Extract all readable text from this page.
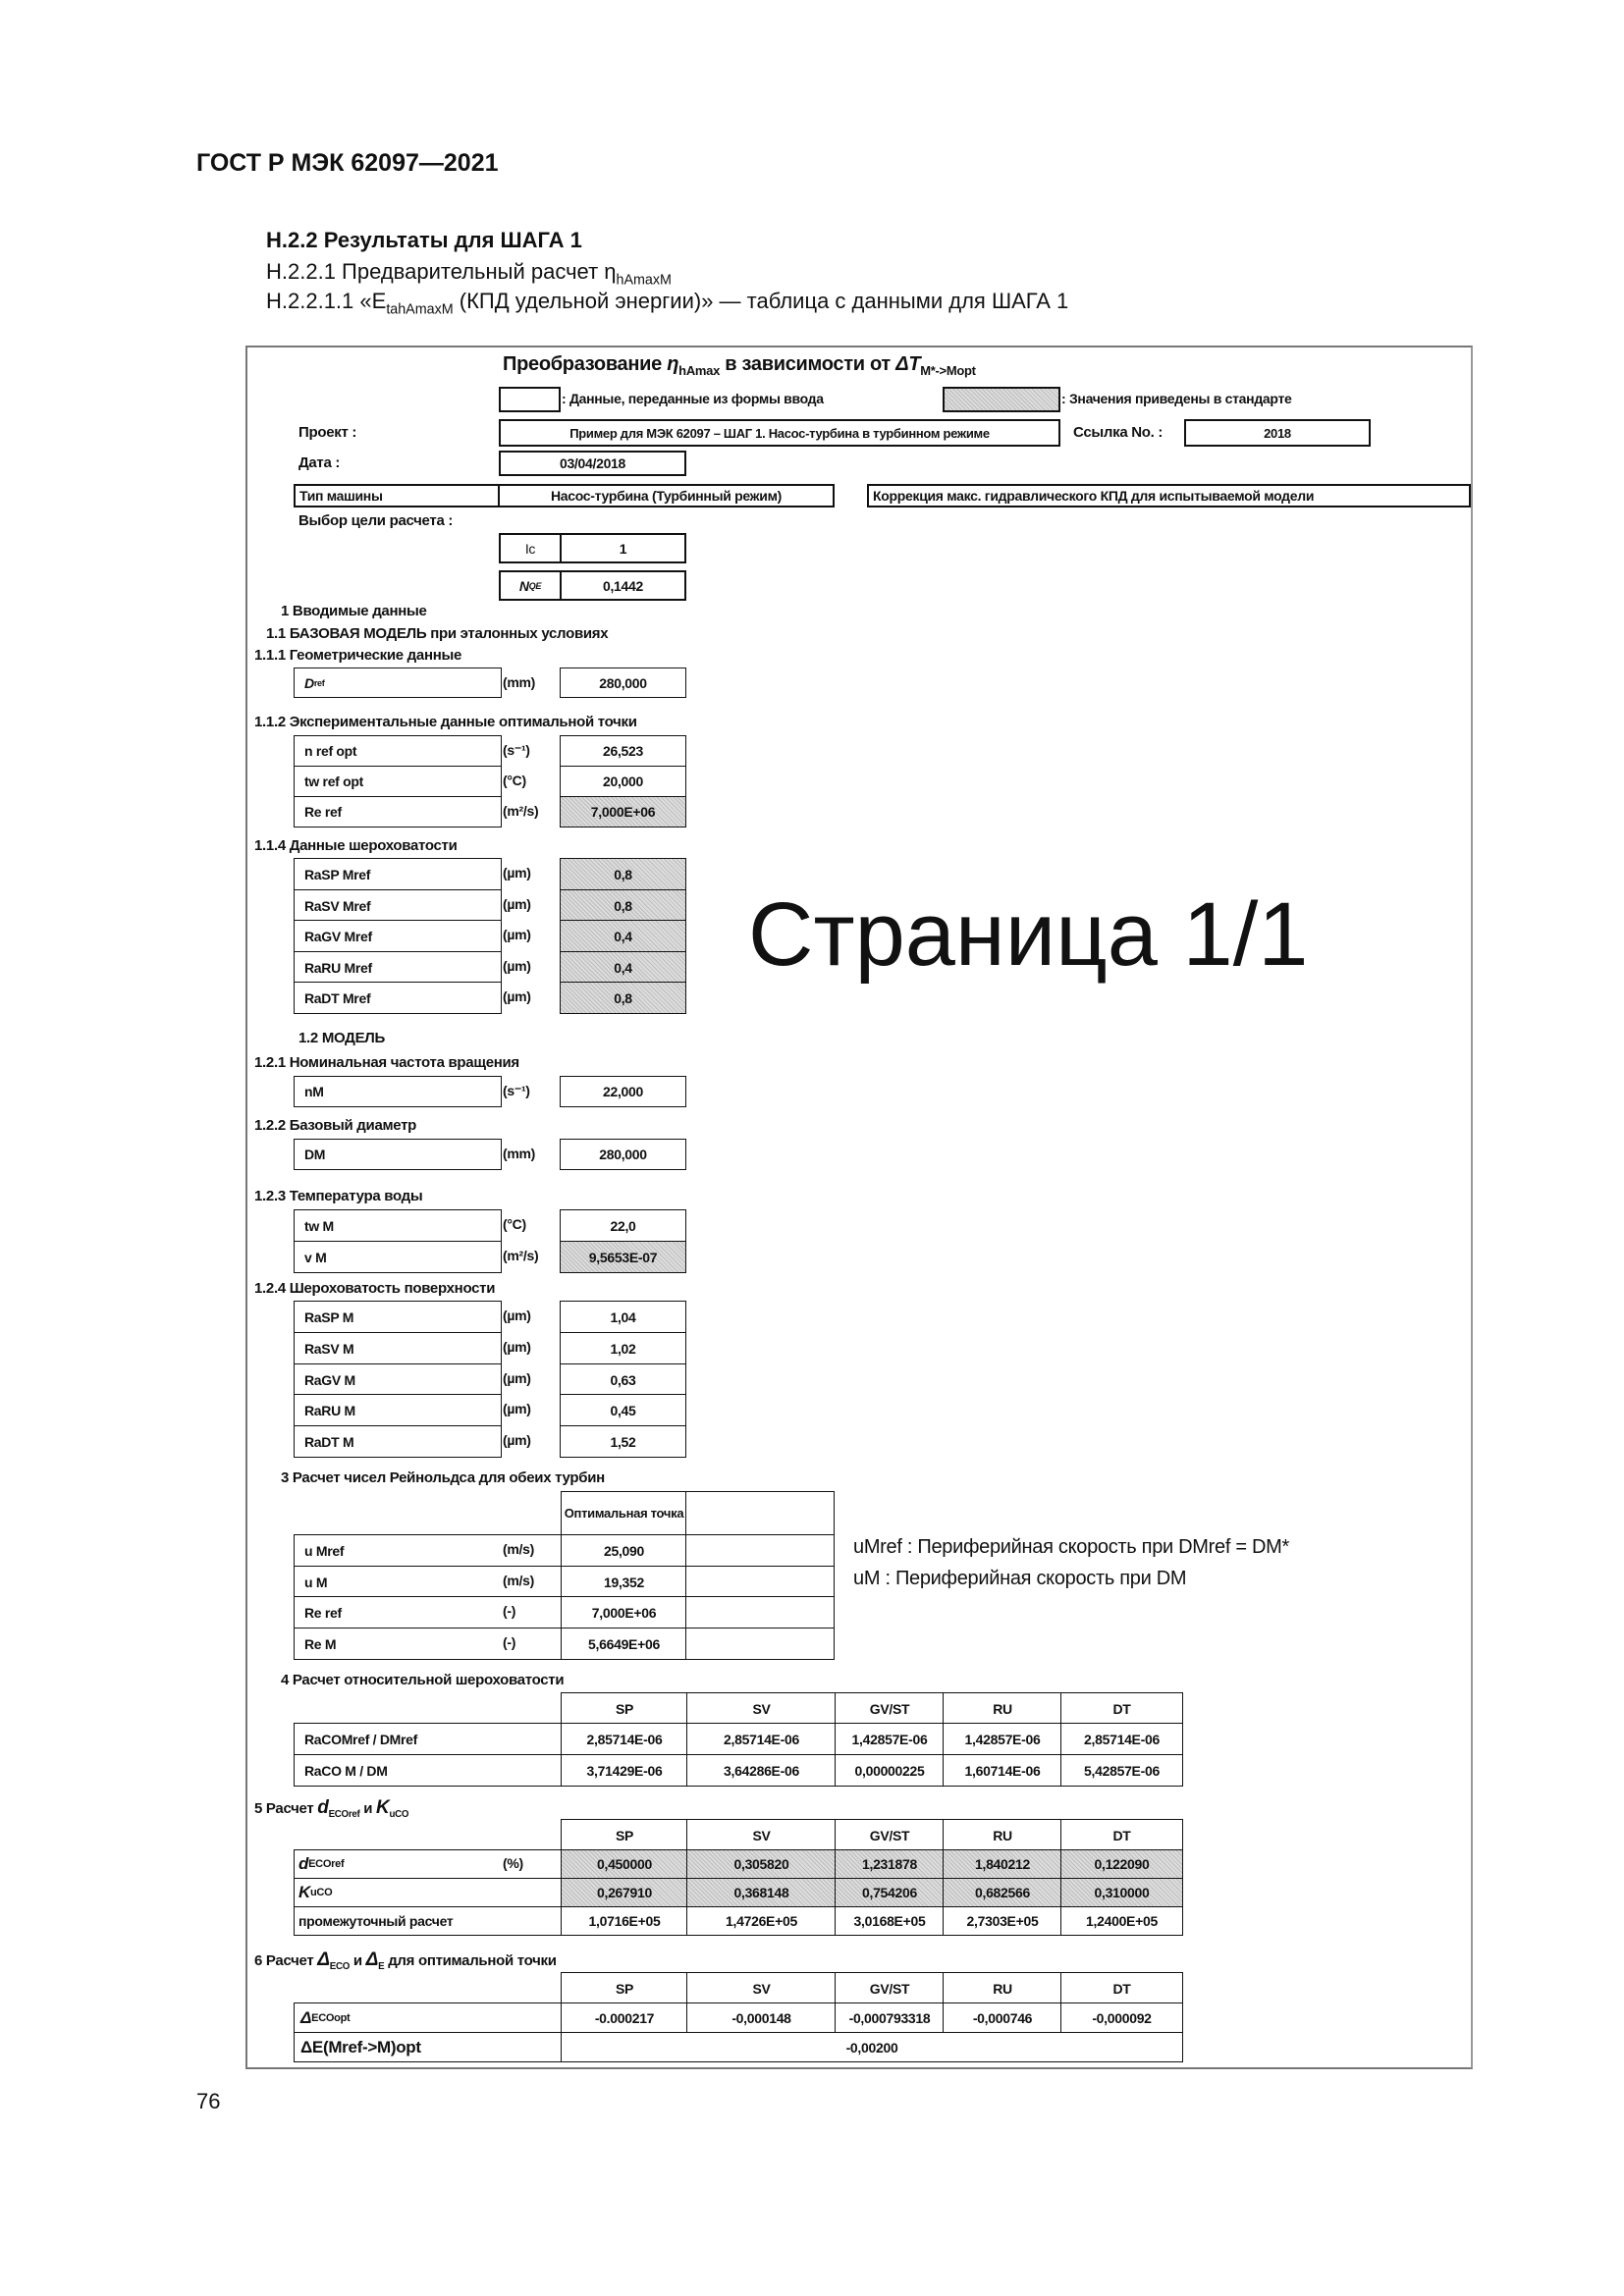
ГОСТ Р МЭК 62097—2021
H.2.2 Результаты для ШАГА 1
H.2.2.1 Предварительный расчет $\eta_{hAmaxM}$
H.2.2.1.1 «$E_{tahAmaxM}$ (КПД удельной энергии)» — таблица с данными для ШАГА 1
Преобразование $\eta_{hAmax}$ в зависимости от $\Delta T_{M*->Mopt}$
: Данные, переданные из формы ввода	: Значения приведены в стандарте
Проект :	Пример для МЭК 62097 – ШАГ 1. Насос-турбина в турбинном режиме	Ссылка No. :	2018
Дата :	03/04/2018
Тип машины	Насос-турбина (Турбинный режим)	Коррекция макс. гидравлического КПД для испытываемой модели
Выбор цели расчета :
Ic	1
N QE	0,1442
Страница 1/1
5 Расчет $d_{ECOref}$ и $K_{uCO}$
6 Расчет $\Delta_{ECO}$ и $\Delta_E$ для оптимальной точки
uMref : Периферийная скорость при DMref = DM*
uM : Периферийная скорость при DM
1 Вводимые данные
1.1 БАЗОВАЯ МОДЕЛЬ при эталонных условиях
1.1.1 Геометрические данные
1.1.2 Экспериментальные данные оптимальной точки
1.1.4 Данные шероховатости
1.2 МОДЕЛЬ
1.2.1 Номинальная частота вращения
1.2.2 Базовый диаметр
1.2.3 Температура воды
1.2.4 Шероховатость поверхности
3 Расчет чисел Рейнольдса для обеих турбин
4 Расчет относительной шероховатости
D ref	(mm)	280,000
n ref opt	(s⁻¹)	26,523
tw ref opt	(°C)	20,000
Re ref	(m²/s)	7,000E+06
RaSP Mref	(µm)	0,8
RaSV Mref	(µm)	0,8
RaGV Mref	(µm)	0,4
RaRU Mref	(µm)	0,4
RaDT Mref	(µm)	0,8
nM	(s⁻¹)	22,000
DM	(mm)	280,000
tw M	(°C)	22,0
v M	(m²/s)	9,5653E-07
RaSP M	(µm)	1,04
RaSV M	(µm)	1,02
RaGV M	(µm)	0,63
RaRU M	(µm)	0,45
RaDT M	(µm)	1,52
Оптимальная точка
u Mref	(m/s)	25,090
u M	(m/s)	19,352
Re ref	(-)	7,000E+06
Re M	(-)	5,6649E+06
SP	SV	GV/ST	RU	DT
RaCOMref / DMref	2,85714E-06	2,85714E-06	1,42857E-06	1,42857E-06	2,85714E-06
RaCO M / DM	3,71429E-06	3,64286E-06	0,00000225	1,60714E-06	5,42857E-06
SP	SV	GV/ST	RU	DT
d ECOref	(%)	0,450000	0,305820	1,231878	1,840212	0,122090
K uCO	0,267910	0,368148	0,754206	0,682566	0,310000
промежуточный расчет	1,0716E+05	1,4726E+05	3,0168E+05	2,7303E+05	1,2400E+05
SP	SV	GV/ST	RU	DT
Δ ECOopt	-0.000217	-0,000148	-0,000793318	-0,000746	-0,000092
ΔE(Mref->M)opt	-0,00200
76
